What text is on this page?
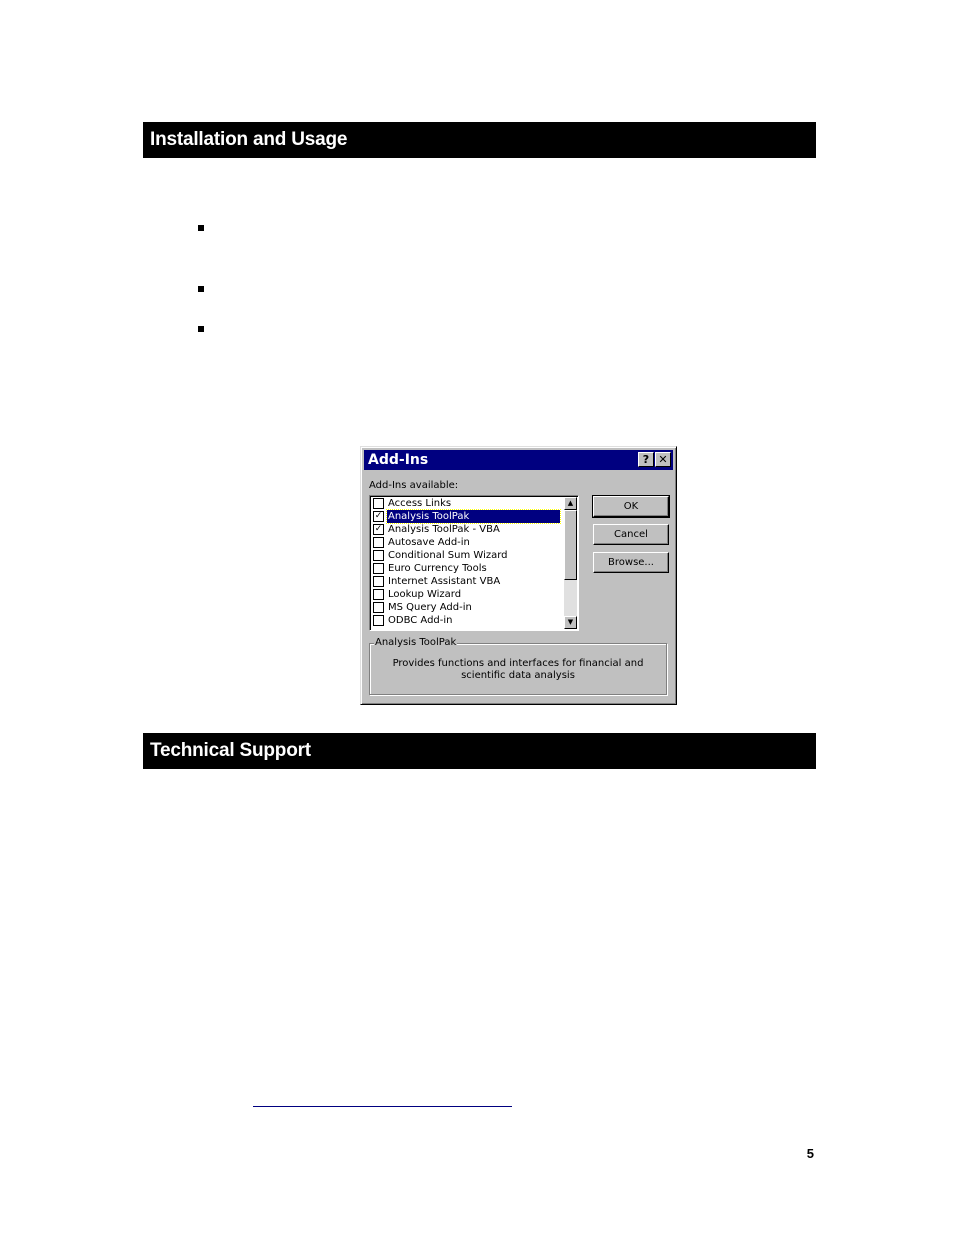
Installation and Usage
Add-Ins	? ✕
Add-Ins available:
Access Links
✓ Analysis ToolPak
✓ Analysis ToolPak - VBA
Autosave Add-in
Conditional Sum Wizard
Euro Currency Tools
Internet Assistant VBA
Lookup Wizard
MS Query Add-in
ODBC Add-in
▲
▼
OK
Cancel
Browse...
Analysis ToolPak
Provides functions and interfaces for financial and scientific data analysis
Technical Support
5
